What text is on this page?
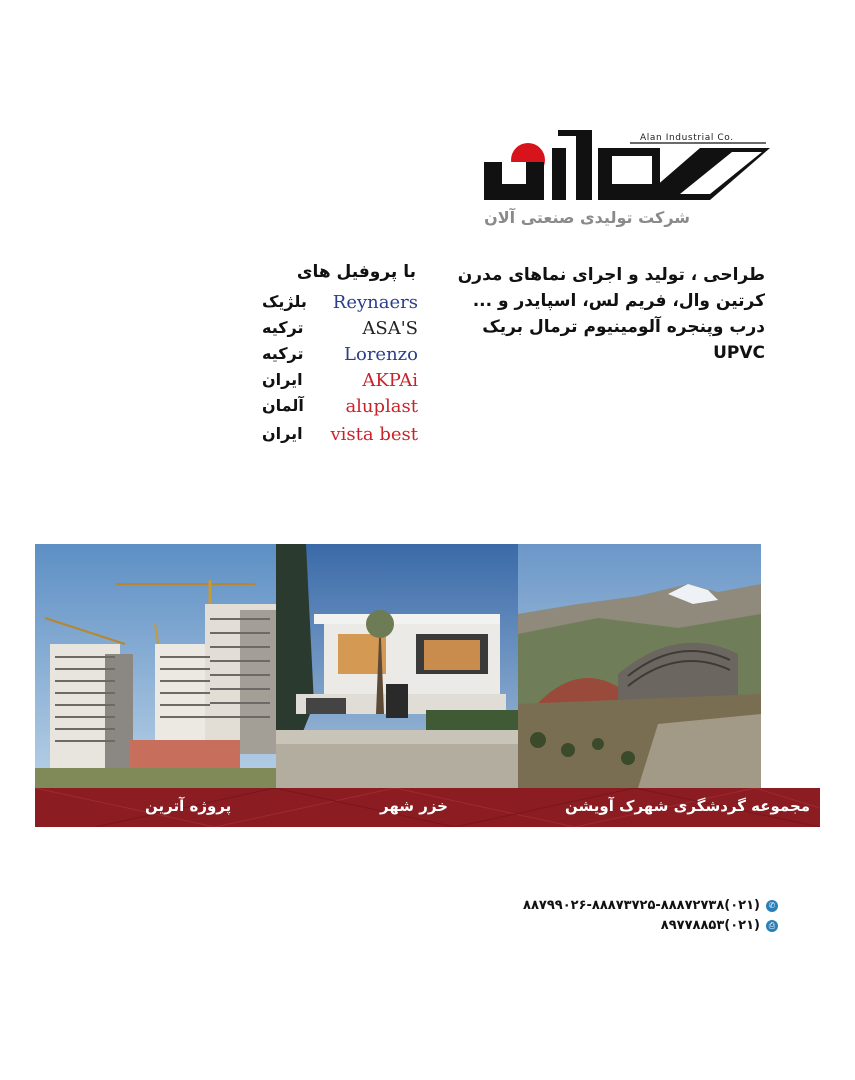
Alan Industrial Co.
شرکت تولیدی صنعتی آلان
طراحی ، تولید و اجرای نماهای مدرن
کرتین وال، فریم لس، اسپایدر و ...
درب وپنجره آلومینیوم ترمال بریک
UPVC
با پروفیل های
Reynaers
بلژیک
ASA'S
ترکیه
Lorenzo
ترکیه
AKPAi
ایران
aluplast
آلمان
vista best
ایران
پروژه آترین	خزر شهر	مجموعه گردشگری شهرک آویشن
✆
(۰۲۱)۸۸۷۹۹۰۲۶-۸۸۸۷۳۷۲۵-۸۸۸۷۲۷۳۸
⎙
(۰۲۱)۸۹۷۷۸۸۵۳
